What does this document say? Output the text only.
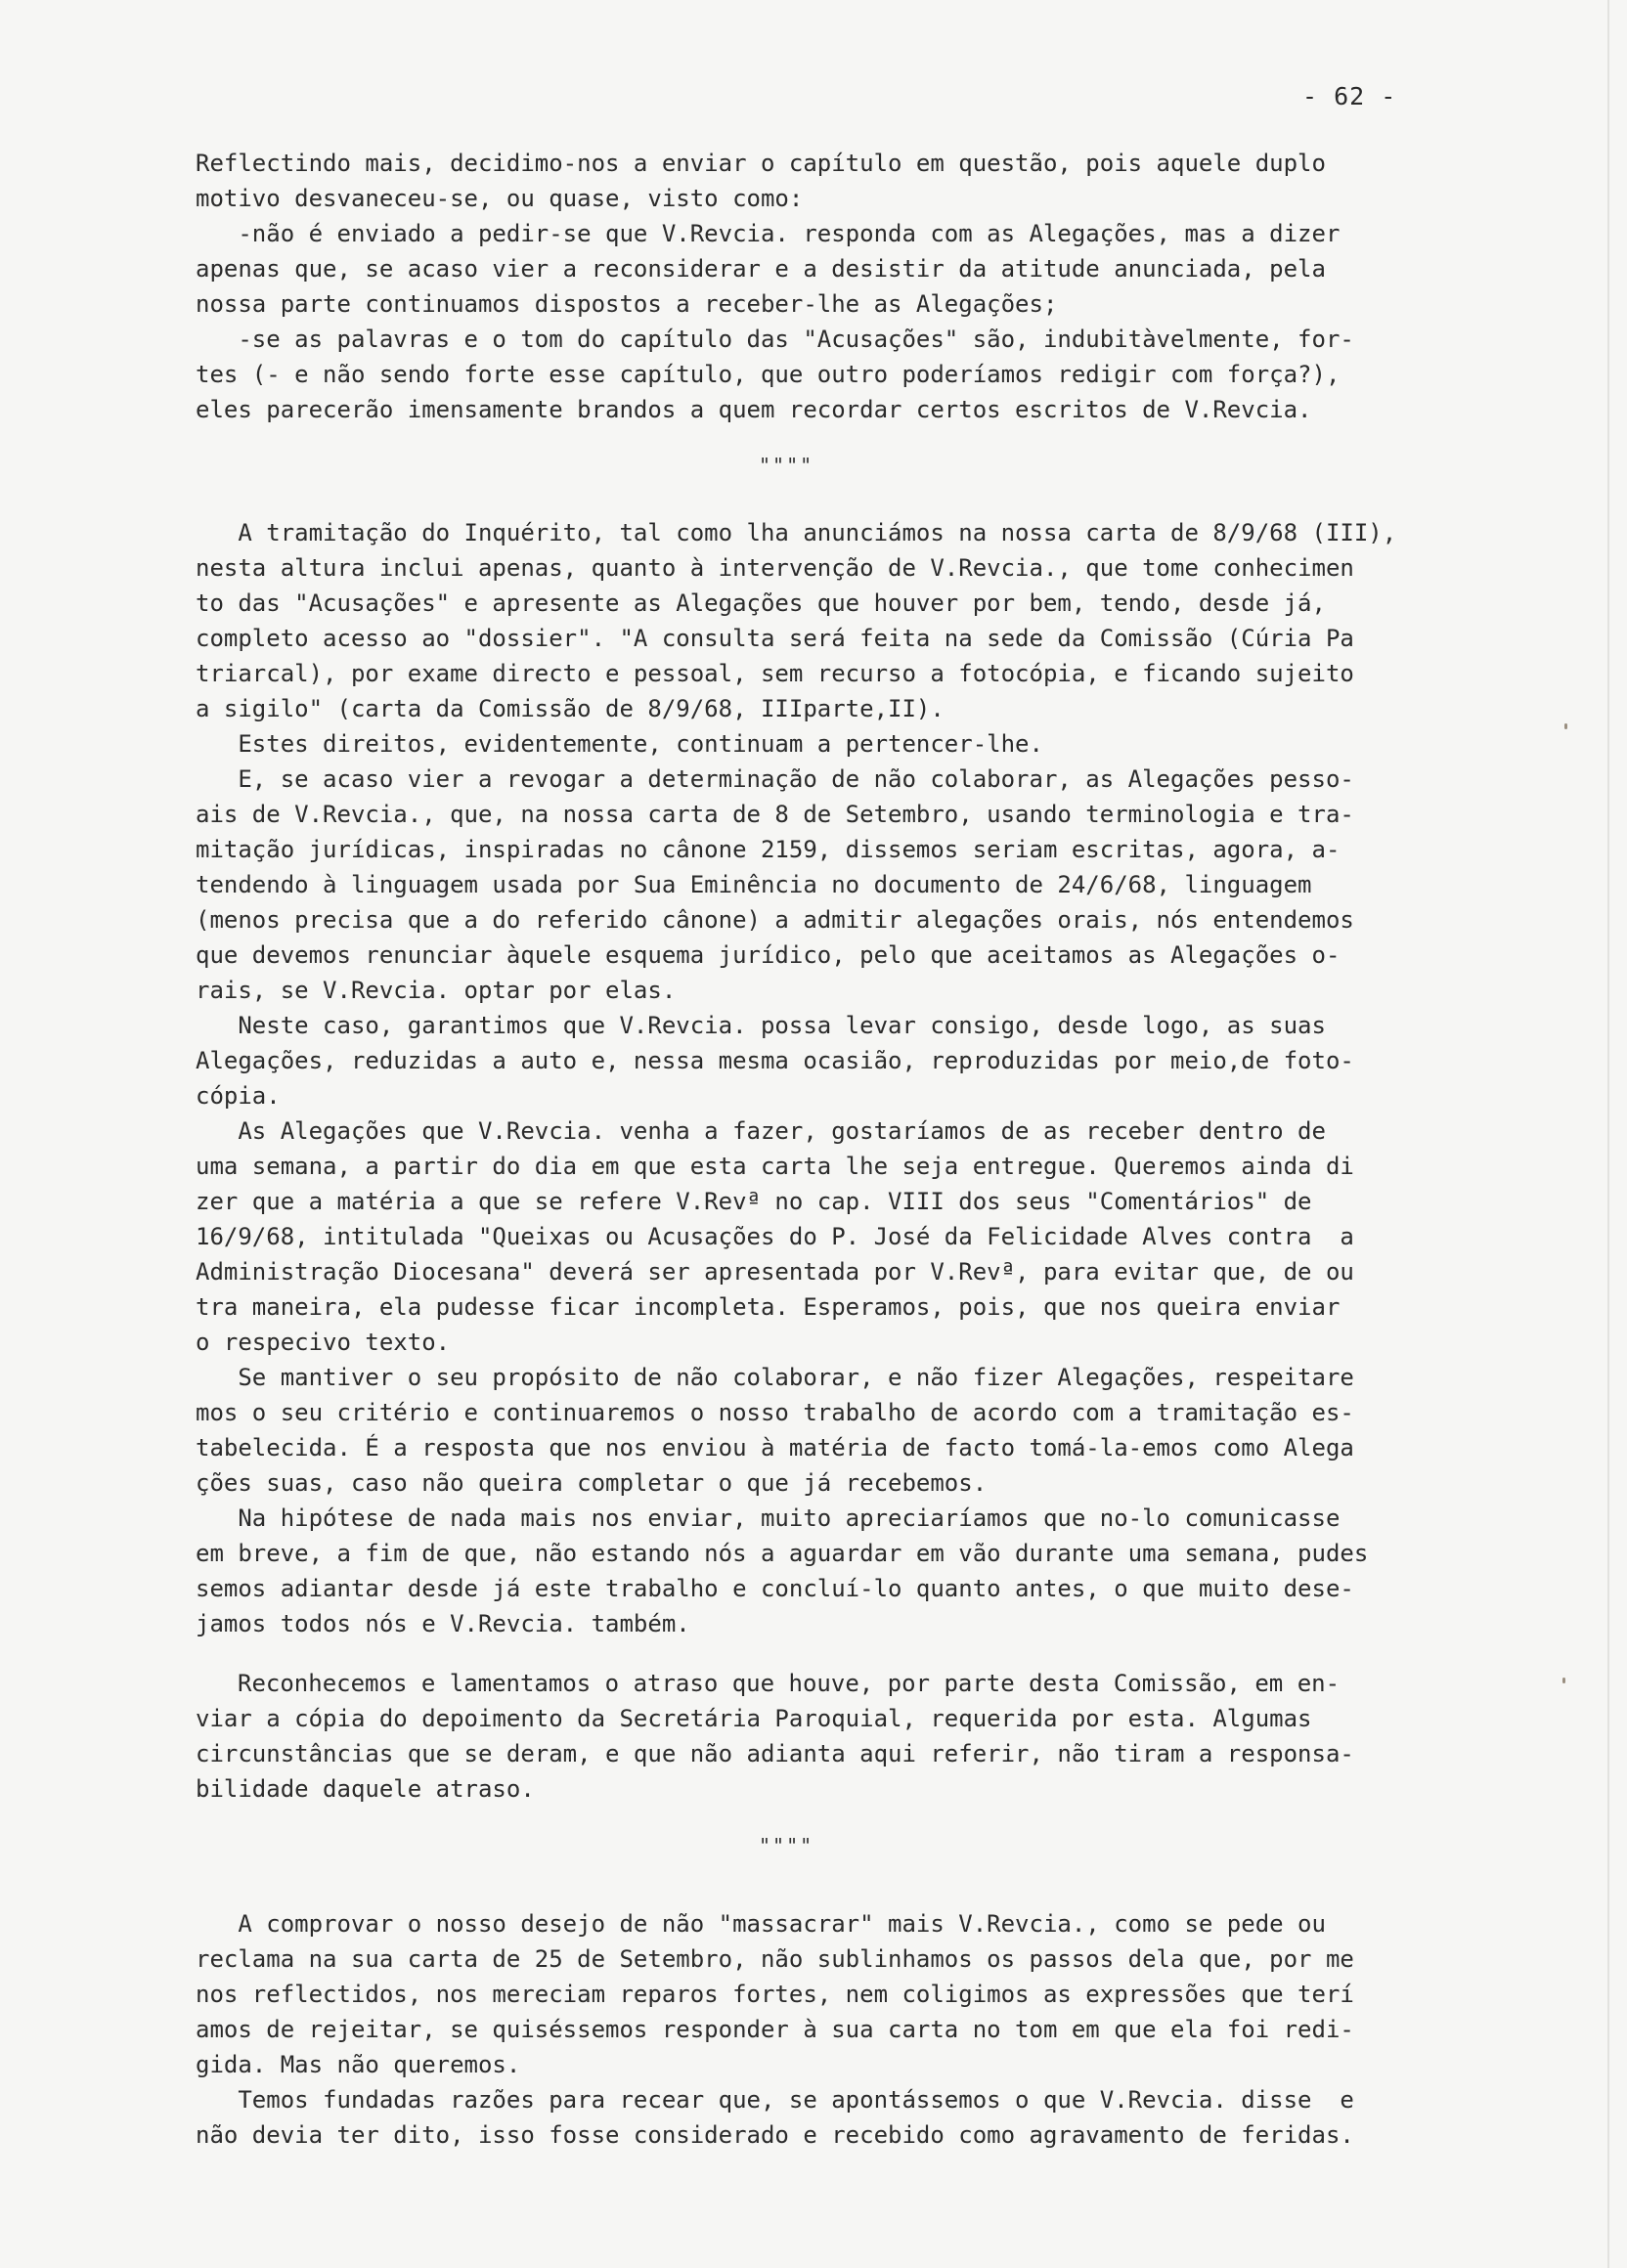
- 62 -
Reflectindo mais, decidimo-nos a enviar o capítulo em questão, pois aquele duplo
motivo desvaneceu-se, ou quase, visto como:
-não é enviado a pedir-se que V.Revcia. responda com as Alegações, mas a dizer
apenas que, se acaso vier a reconsiderar e a desistir da atitude anunciada, pela
nossa parte continuamos dispostos a receber-lhe as Alegações;
-se as palavras e o tom do capítulo das "Acusações" são, indubitàvelmente, for-
tes (- e não sendo forte esse capítulo, que outro poderíamos redigir com força?),
eles parecerão imensamente brandos a quem recordar certos escritos de V.Revcia.
""""
A tramitação do Inquérito, tal como lha anunciámos na nossa carta de 8/9/68 (III),
nesta altura inclui apenas, quanto à intervenção de V.Revcia., que tome conhecimen
to das "Acusações" e apresente as Alegações que houver por bem, tendo, desde já,
completo acesso ao "dossier". "A consulta será feita na sede da Comissão (Cúria Pa
triarcal), por exame directo e pessoal, sem recurso a fotocópia, e ficando sujeito
a sigilo" (carta da Comissão de 8/9/68, IIIparte,II).
Estes direitos, evidentemente, continuam a pertencer-lhe.
E, se acaso vier a revogar a determinação de não colaborar, as Alegações pesso-
ais de V.Revcia., que, na nossa carta de 8 de Setembro, usando terminologia e tra-
mitação jurídicas, inspiradas no cânone 2159, dissemos seriam escritas, agora, a-
tendendo à linguagem usada por Sua Eminência no documento de 24/6/68, linguagem
(menos precisa que a do referido cânone) a admitir alegações orais, nós entendemos
que devemos renunciar àquele esquema jurídico, pelo que aceitamos as Alegações o-
rais, se V.Revcia. optar por elas.
Neste caso, garantimos que V.Revcia. possa levar consigo, desde logo, as suas
Alegações, reduzidas a auto e, nessa mesma ocasião, reproduzidas por meio,de foto-
cópia.
As Alegações que V.Revcia. venha a fazer, gostaríamos de as receber dentro de
uma semana, a partir do dia em que esta carta lhe seja entregue. Queremos ainda di
zer que a matéria a que se refere V.Revª no cap. VIII dos seus "Comentários" de
16/9/68, intitulada "Queixas ou Acusações do P. José da Felicidade Alves contra  a
Administração Diocesana" deverá ser apresentada por V.Revª, para evitar que, de ou
tra maneira, ela pudesse ficar incompleta. Esperamos, pois, que nos queira enviar
o respecivo texto.
Se mantiver o seu propósito de não colaborar, e não fizer Alegações, respeitare
mos o seu critério e continuaremos o nosso trabalho de acordo com a tramitação es-
tabelecida. É a resposta que nos enviou à matéria de facto tomá-la-emos como Alega
ções suas, caso não queira completar o que já recebemos.
Na hipótese de nada mais nos enviar, muito apreciaríamos que no-lo comunicasse
em breve, a fim de que, não estando nós a aguardar em vão durante uma semana, pudes
semos adiantar desde já este trabalho e concluí-lo quanto antes, o que muito dese-
jamos todos nós e V.Revcia. também.
Reconhecemos e lamentamos o atraso que houve, por parte desta Comissão, em en-
viar a cópia do depoimento da Secretária Paroquial, requerida por esta. Algumas
circunstâncias que se deram, e que não adianta aqui referir, não tiram a responsa-
bilidade daquele atraso.
""""
A comprovar o nosso desejo de não "massacrar" mais V.Revcia., como se pede ou
reclama na sua carta de 25 de Setembro, não sublinhamos os passos dela que, por me
nos reflectidos, nos mereciam reparos fortes, nem coligimos as expressões que terí
amos de rejeitar, se quiséssemos responder à sua carta no tom em que ela foi redi-
gida. Mas não queremos.
Temos fundadas razões para recear que, se apontássemos o que V.Revcia. disse  e
não devia ter dito, isso fosse considerado e recebido como agravamento de feridas.
